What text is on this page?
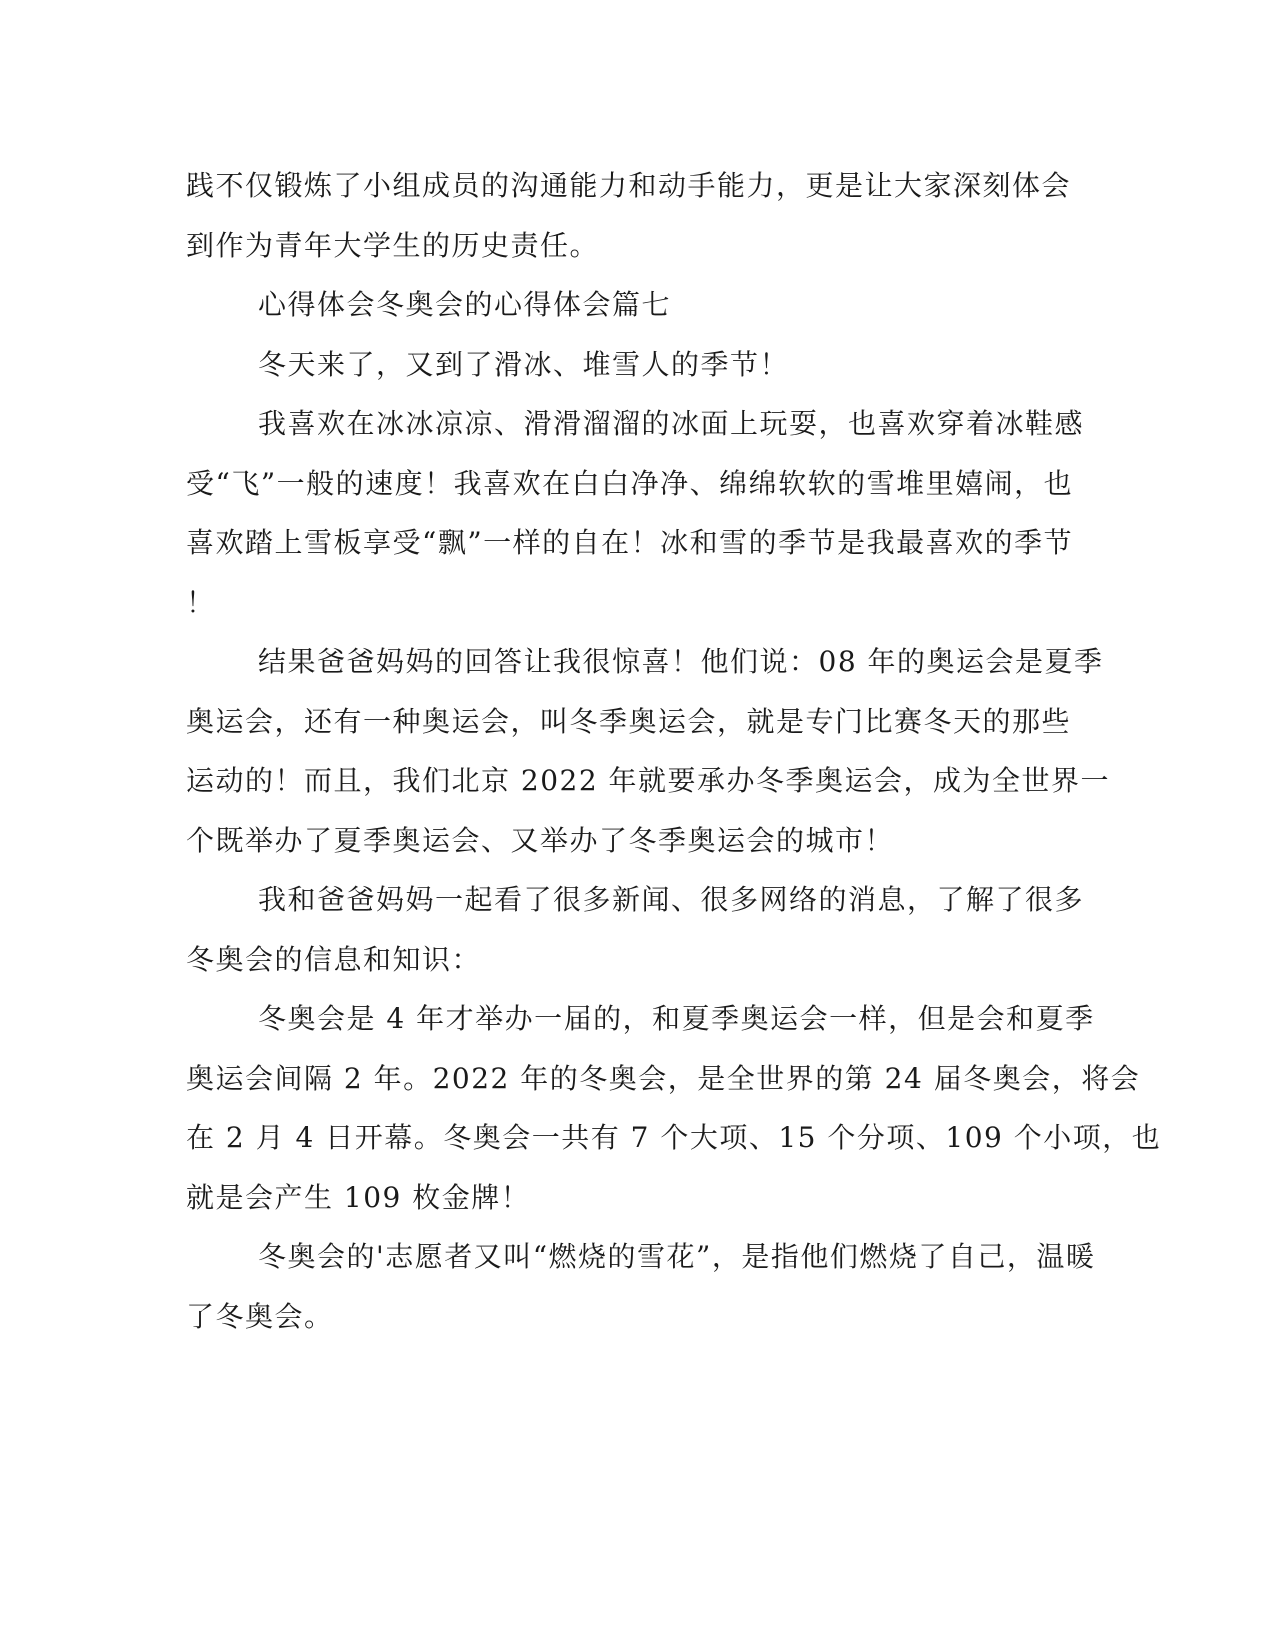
践不仅锻炼了小组成员的沟通能力和动手能力，更是让大家深刻体会
到作为青年大学生的历史责任。
心得体会冬奥会的心得体会篇七
冬天来了，又到了滑冰、堆雪人的季节！
我喜欢在冰冰凉凉、滑滑溜溜的冰面上玩耍，也喜欢穿着冰鞋感
受“飞”一般的速度！我喜欢在白白净净、绵绵软软的雪堆里嬉闹，也
喜欢踏上雪板享受“飘”一样的自在！冰和雪的季节是我最喜欢的季节
！
结果爸爸妈妈的回答让我很惊喜！他们说：08 年的奥运会是夏季
奥运会，还有一种奥运会，叫冬季奥运会，就是专门比赛冬天的那些
运动的！而且，我们北京 2022 年就要承办冬季奥运会，成为全世界一
个既举办了夏季奥运会、又举办了冬季奥运会的城市！
我和爸爸妈妈一起看了很多新闻、很多网络的消息，了解了很多
冬奥会的信息和知识：
冬奥会是 4 年才举办一届的，和夏季奥运会一样，但是会和夏季
奥运会间隔 2 年。2022 年的冬奥会，是全世界的第 24 届冬奥会，将会
在 2 月 4 日开幕。冬奥会一共有 7 个大项、15 个分项、109 个小项，也
就是会产生 109 枚金牌！
冬奥会的'志愿者又叫“燃烧的雪花”，是指他们燃烧了自己，温暖
了冬奥会。
